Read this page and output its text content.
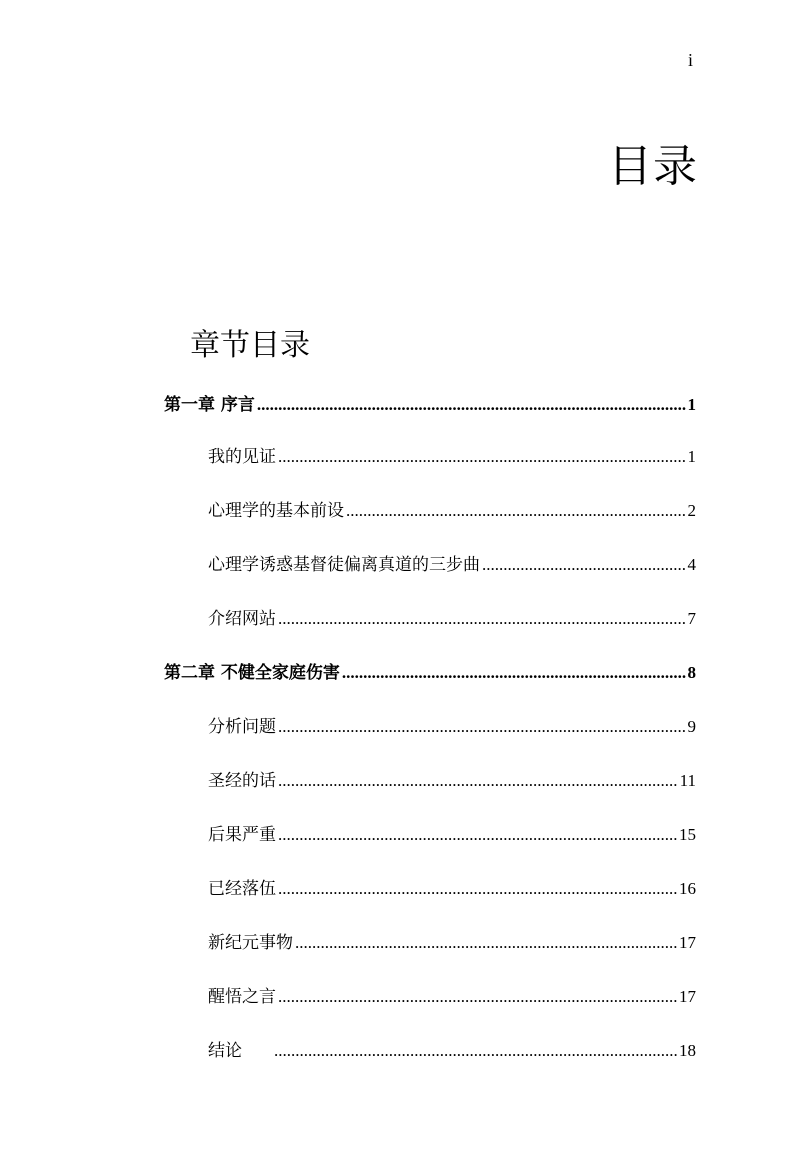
i
目录
章节目录
第一章 序言 .....	1
我的见证 .....	1
心理学的基本前设 .....	2
心理学诱惑基督徒偏离真道的三步曲 .....	4
介绍网站 .....	7
第二章 不健全家庭伤害 .....	8
分析问题 .....	9
圣经的话 .....	11
后果严重 .....	15
已经落伍 .....	16
新纪元事物 .....	17
醒悟之言 .....	17
结论 .....	18
